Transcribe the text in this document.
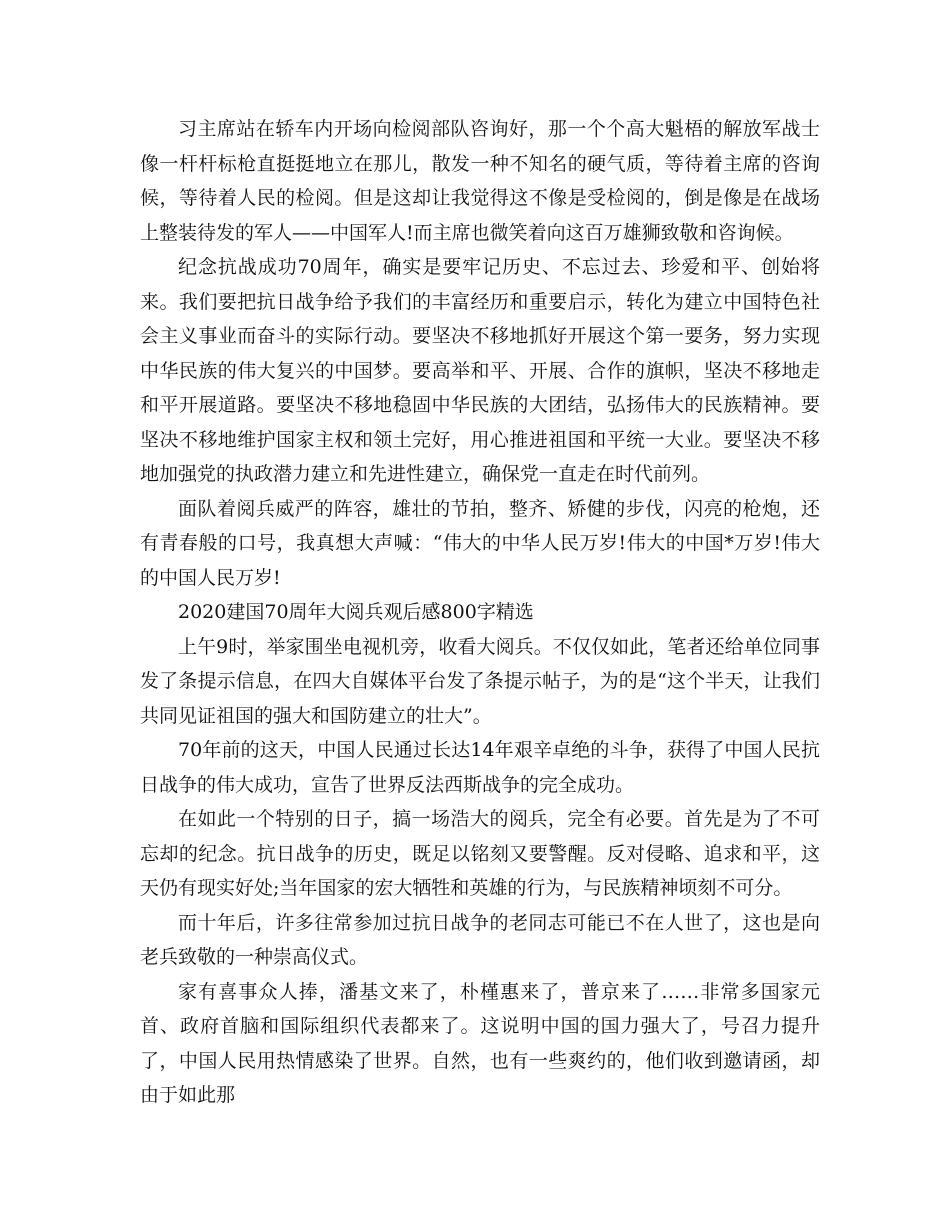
习主席站在轿车内开场向检阅部队咨询好，那一个个高大魁梧的解放军战士像一杆杆标枪直挺挺地立在那儿，散发一种不知名的硬气质，等待着主席的咨询候，等待着人民的检阅。但是这却让我觉得这不像是受检阅的，倒是像是在战场上整装待发的军人——中国军人!而主席也微笑着向这百万雄狮致敬和咨询候。

纪念抗战成功70周年，确实是要牢记历史、不忘过去、珍爱和平、创始将来。我们要把抗日战争给予我们的丰富经历和重要启示，转化为建立中国特色社会主义事业而奋斗的实际行动。要坚决不移地抓好开展这个第一要务，努力实现中华民族的伟大复兴的中国梦。要高举和平、开展、合作的旗帜，坚决不移地走和平开展道路。要坚决不移地稳固中华民族的大团结，弘扬伟大的民族精神。要坚决不移地维护国家主权和领土完好，用心推进祖国和平统一大业。要坚决不移地加强党的执政潜力建立和先进性建立，确保党一直走在时代前列。

面队着阅兵威严的阵容，雄壮的节拍，整齐、矫健的步伐，闪亮的枪炮，还有青春般的口号，我真想大声喊：“伟大的中华人民万岁!伟大的中国*万岁!伟大的中国人民万岁!

2020建国70周年大阅兵观后感800字精选

上午9时，举家围坐电视机旁，收看大阅兵。不仅仅如此，笔者还给单位同事发了条提示信息，在四大自媒体平台发了条提示帖子，为的是“这个半天，让我们共同见证祖国的强大和国防建立的壮大”。

70年前的这天，中国人民通过长达14年艰辛卓绝的斗争，获得了中国人民抗日战争的伟大成功，宣告了世界反法西斯战争的完全成功。

在如此一个特别的日子，搞一场浩大的阅兵，完全有必要。首先是为了不可忘却的纪念。抗日战争的历史，既足以铭刻又要警醒。反对侵略、追求和平，这天仍有现实好处;当年国家的宏大牺牲和英雄的行为，与民族精神顷刻不可分。

而十年后，许多往常参加过抗日战争的老同志可能已不在人世了，这也是向老兵致敬的一种崇高仪式。

家有喜事众人捧，潘基文来了，朴槿惠来了，普京来了……非常多国家元首、政府首脑和国际组织代表都来了。这说明中国的国力强大了，号召力提升了，中国人民用热情感染了世界。自然，也有一些爽约的，他们收到邀请函，却由于如此那
